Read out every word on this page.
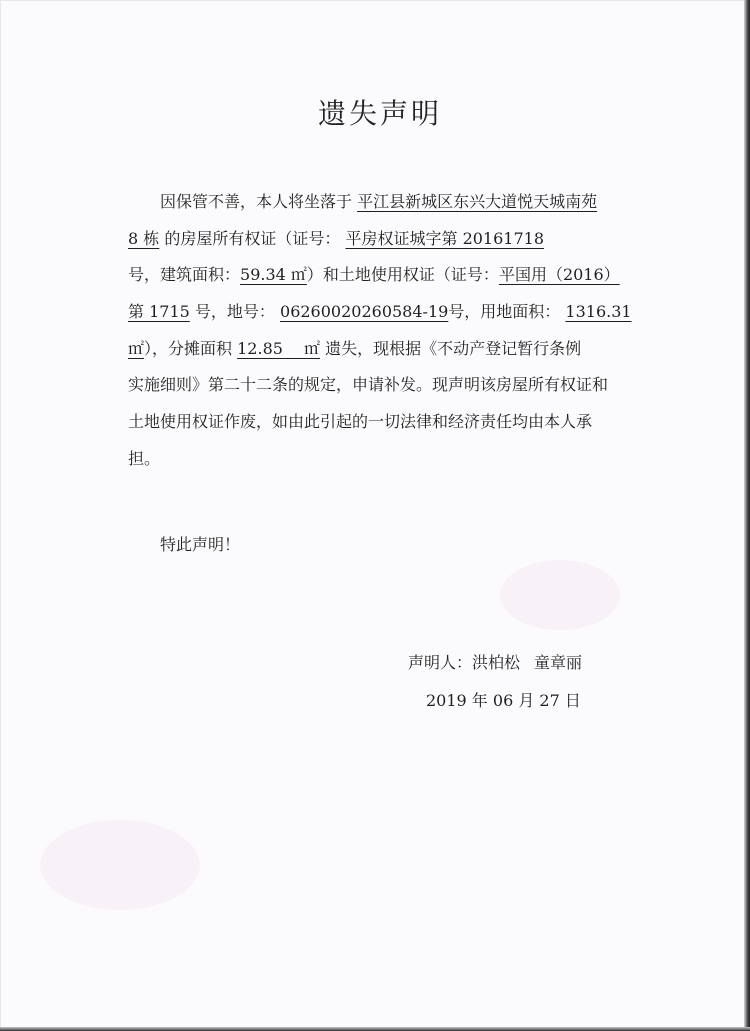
遗失声明
因保管不善，本人将坐落于 平江县新城区东兴大道悦天城南苑
8 栋 的房屋所有权证（证号： 平房权证城字第 20161718
号，建筑面积：59.34 ㎡）和土地使用权证（证号：平国用（2016）
第 1715 号，地号： 06260020260584-19号，用地面积： 1316.31
㎡），分摊面积 12.85　 ㎡ 遗失，现根据《不动产登记暂行条例
实施细则》第二十二条的规定，申请补发。现声明该房屋所有权证和
土地使用权证作废，如由此引起的一切法律和经济责任均由本人承
担。
特此声明！
声明人：洪柏松 童章丽
2019 年 06 月 27 日
